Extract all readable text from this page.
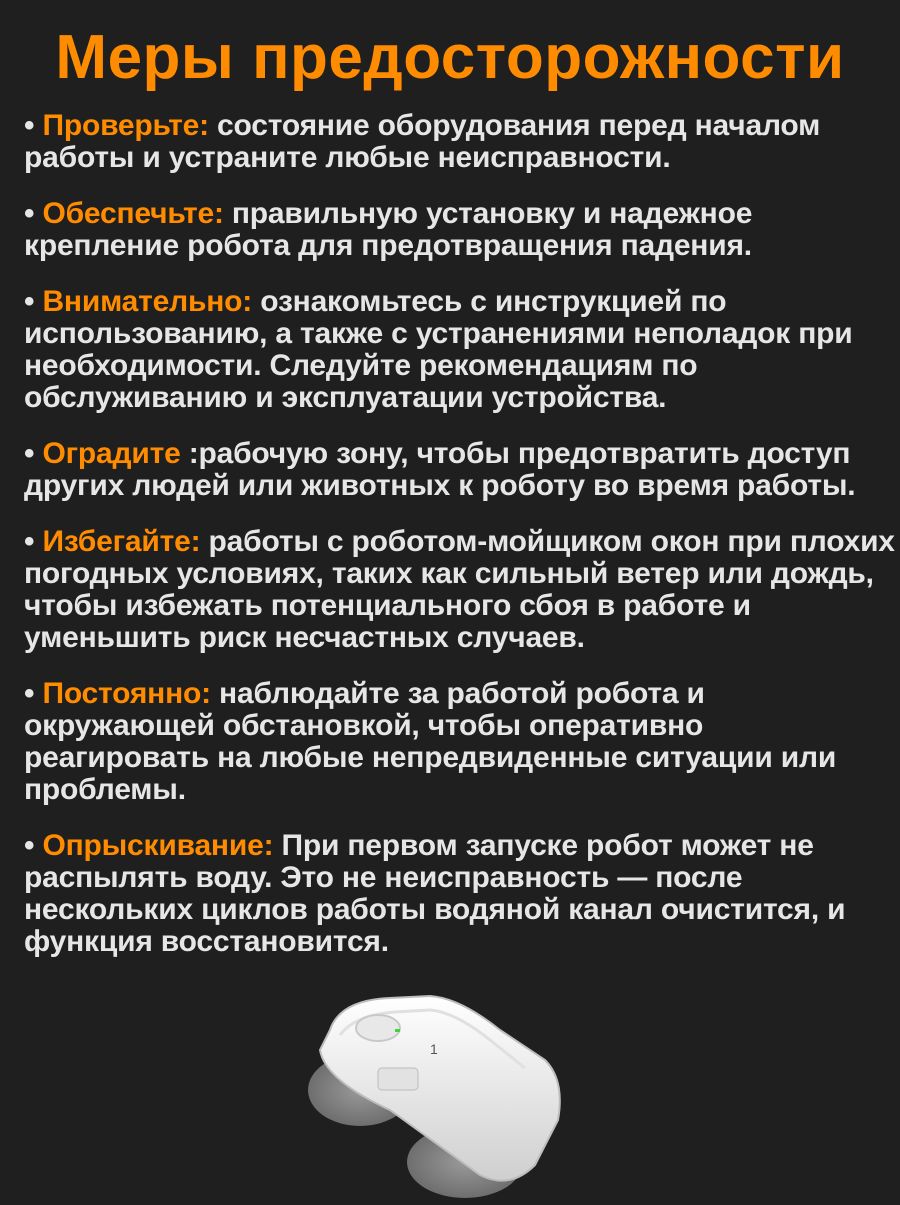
Меры предосторожности
• Проверьте: состояние оборудования перед началом работы и устраните любые неисправности.
• Обеспечьте: правильную установку и надежное крепление робота для предотвращения падения.
• Внимательно: ознакомьтесь с инструкцией по использованию, а также с устранениями неполадок при необходимости. Следуйте рекомендациям по обслуживанию и эксплуатации устройства.
• Оградите :рабочую зону, чтобы предотвратить доступ других людей или животных к роботу во время работы.
• Избегайте: работы с роботом-мойщиком окон при плохих погодных условиях, таких как сильный ветер или дождь, чтобы избежать потенциального сбоя в работе и уменьшить риск несчастных случаев.
• Постоянно: наблюдайте за работой робота и окружающей обстановкой, чтобы оперативно реагировать на любые непредвиденные ситуации или проблемы.
• Опрыскивание: При первом запуске робот может не распылять воду. Это не неисправность — после нескольких циклов работы водяной канал очистится, и функция восстановится.
1
